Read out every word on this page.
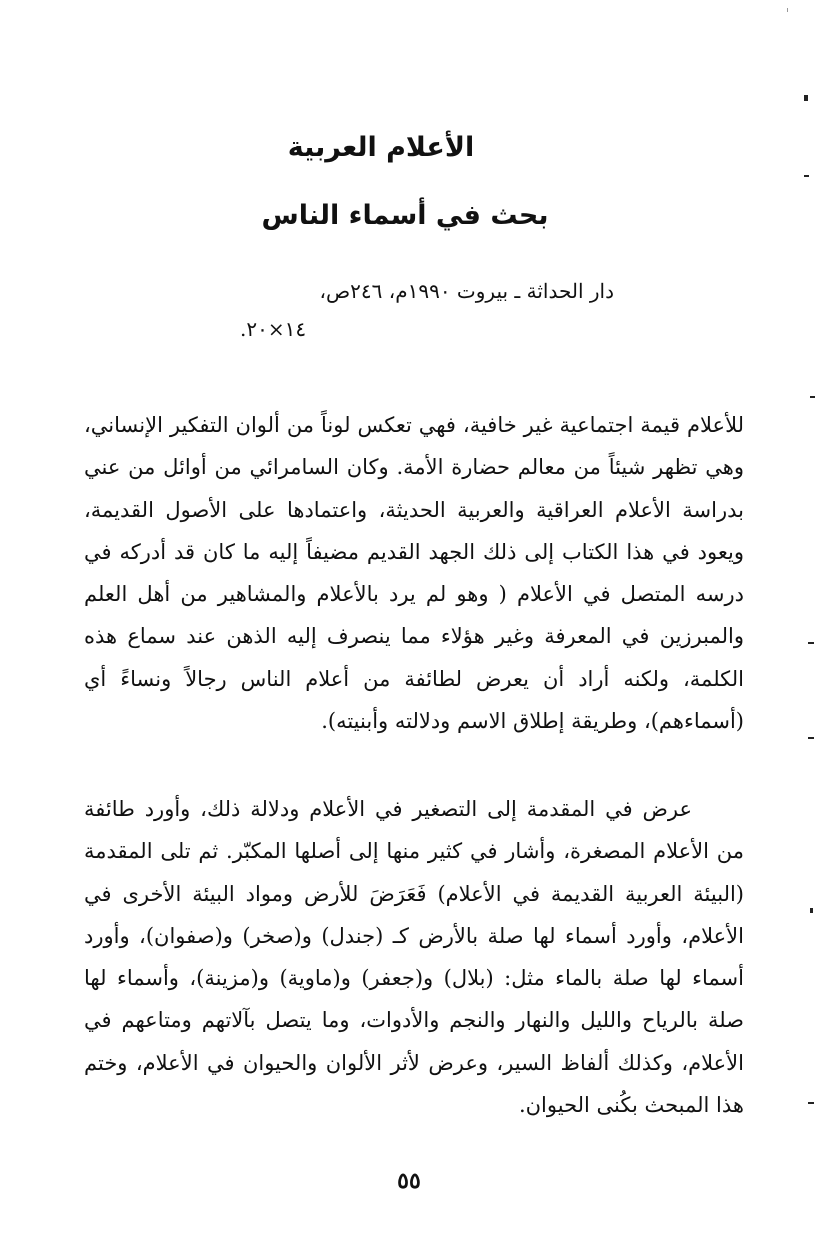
الأعلام العربية
بحث في أسماء الناس
دار الحداثة ـ بيروت ١٩٩٠م، ٢٤٦ص،
١٤×٢٠.

للأعلام قيمة اجتماعية غير خافية، فهي تعكس لوناً من ألوان التفكير الإنساني، وهي تظهر شيئاً من معالم حضارة الأمة. وكان السامرائي من أوائل من عني بدراسة الأعلام العراقية والعربية الحديثة، واعتمادها على الأصول القديمة، ويعود في هذا الكتاب إلى ذلك الجهد القديم مضيفاً إليه ما كان قد أدركه في درسه المتصل في الأعلام ( وهو لم يرد بالأعلام والمشاهير من أهل العلم والمبرزين في المعرفة وغير هؤلاء مما ينصرف إليه الذهن عند سماع هذه الكلمة، ولكنه أراد أن يعرض لطائفة من أعلام الناس رجالاً ونساءً أي (أسماءهم)، وطريقة إطلاق الاسم ودلالته وأبنيته).

عرض في المقدمة إلى التصغير في الأعلام ودلالة ذلك، وأورد طائفة من الأعلام المصغرة، وأشار في كثير منها إلى أصلها المكبّر. ثم تلى المقدمة (البيئة العربية القديمة في الأعلام) فَعَرَضَ للأرض ومواد البيئة الأخرى في الأعلام، وأورد أسماء لها صلة بالأرض كـ (جندل) و(صخر) و(صفوان)، وأورد أسماء لها صلة بالماء مثل: (بلال) و(جعفر) و(ماوية) و(مزينة)، وأسماء لها صلة بالرياح والليل والنهار والنجم والأدوات، وما يتصل بآلاتهم ومتاعهم في الأعلام، وكذلك ألفاظ السير، وعرض لأثر الألوان والحيوان في الأعلام، وختم هذا المبحث بكُنى الحيوان.

٥٥
